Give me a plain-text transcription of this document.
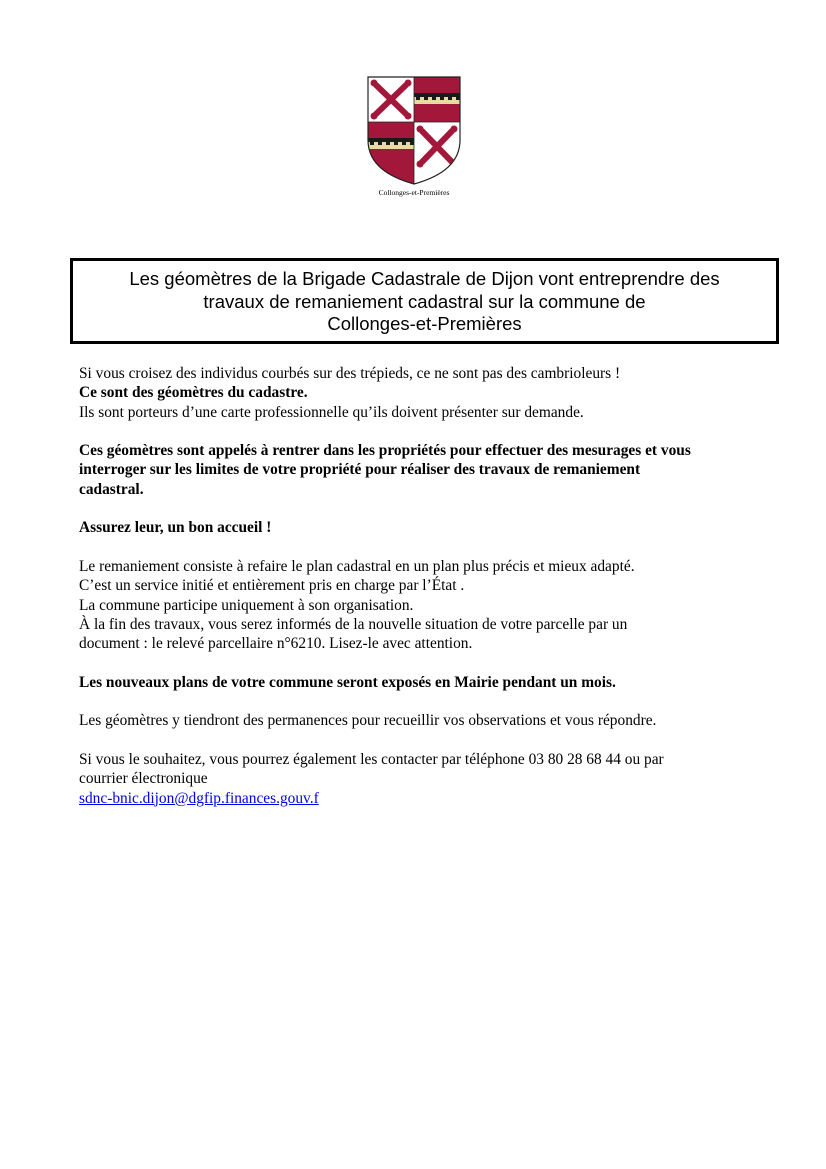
Collonges-et-Premières
Les géomètres de la Brigade Cadastrale de Dijon vont entreprendre des
travaux de remaniement cadastral sur la commune de
Collonges-et-Premières

Si vous croisez des individus courbés sur des trépieds, ce ne sont pas des cambrioleurs !
Ce sont des géomètres du cadastre.
Ils sont porteurs d’une carte professionnelle qu’ils doivent présenter sur demande.

Ces géomètres sont appelés à rentrer dans les propriétés pour effectuer des mesurages et vous
interroger sur les limites de votre propriété pour réaliser des travaux de remaniement
cadastral.

Assurez leur, un bon accueil !

Le remaniement consiste à refaire le plan cadastral en un plan plus précis et mieux adapté.
C’est un service initié et entièrement pris en charge par l’État .
La commune participe uniquement à son organisation.
À la fin des travaux, vous serez informés de la nouvelle situation de votre parcelle par un
document : le relevé parcellaire n°6210. Lisez-le avec attention.

Les nouveaux plans de votre commune seront exposés en Mairie pendant un mois.

Les géomètres y tiendront des permanences pour recueillir vos observations et vous répondre.

Si vous le souhaitez, vous pourrez également les contacter par téléphone 03 80 28 68 44 ou par
courrier électronique
sdnc-bnic.dijon@dgfip.finances.gouv.f
